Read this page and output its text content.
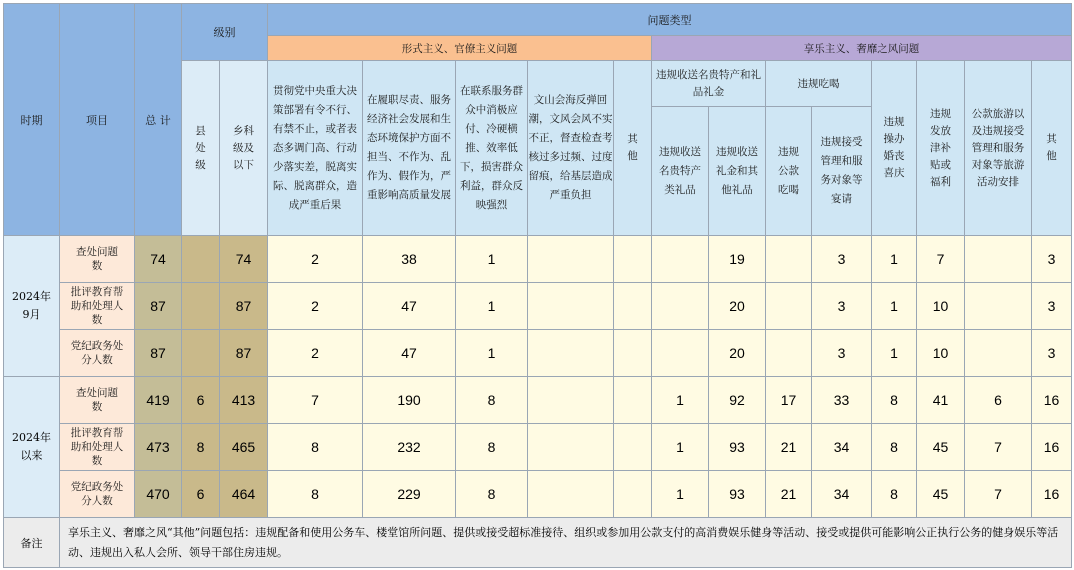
时期	项目	总 计	级别		问题类型												
					形式主义、官僚主义问题					享乐主义、奢靡之风问题							
			县处级	乡科级及以下	贯彻党中央重大决策部署有令不行、有禁不止，或者表态多调门高、行动少落实差，脱离实际、脱离群众，造成严重后果	在履职尽责、服务经济社会发展和生态环境保护方面不担当、不作为、乱作为、假作为，严重影响高质量发展	在联系服务群众中消极应付、冷硬横推、效率低下，损害群众利益，群众反映强烈	文山会海反弹回潮，文风会风不实不正，督查检查考核过多过频、过度留痕，给基层造成严重负担	其他	违规收送名贵特产和礼品礼金		违规吃喝		违规操办婚丧喜庆	违规发放津补贴或福利	公款旅游以及违规接受管理和服务对象等旅游活动安排	其他
										违规收送名贵特产类礼品	违规收送礼金和其他礼品	违规公款吃喝	违规接受管理和服务对象等宴请				
2024年9月	查处问题数	74		74	2	38	1				19		3	1	7		3
	批评教育帮助和处理人数	87		87	2	47	1				20		3	1	10		3
	党纪政务处分人数	87		87	2	47	1				20		3	1	10		3
2024年以来	查处问题数	419	6	413	7	190	8			1	92	17	33	8	41	6	16
	批评教育帮助和处理人数	473	8	465	8	232	8			1	93	21	34	8	45	7	16
	党纪政务处分人数	470	6	464	8	229	8			1	93	21	34	8	45	7	16
备注	享乐主义、奢靡之风“其他”问题包括：违规配备和使用公务车、楼堂馆所问题、提供或接受超标准接待、组织或参加用公款支付的高消费娱乐健身等活动、接受或提供可能影响公正执行公务的健身娱乐等活动、违规出入私人会所、领导干部住房违规。																
